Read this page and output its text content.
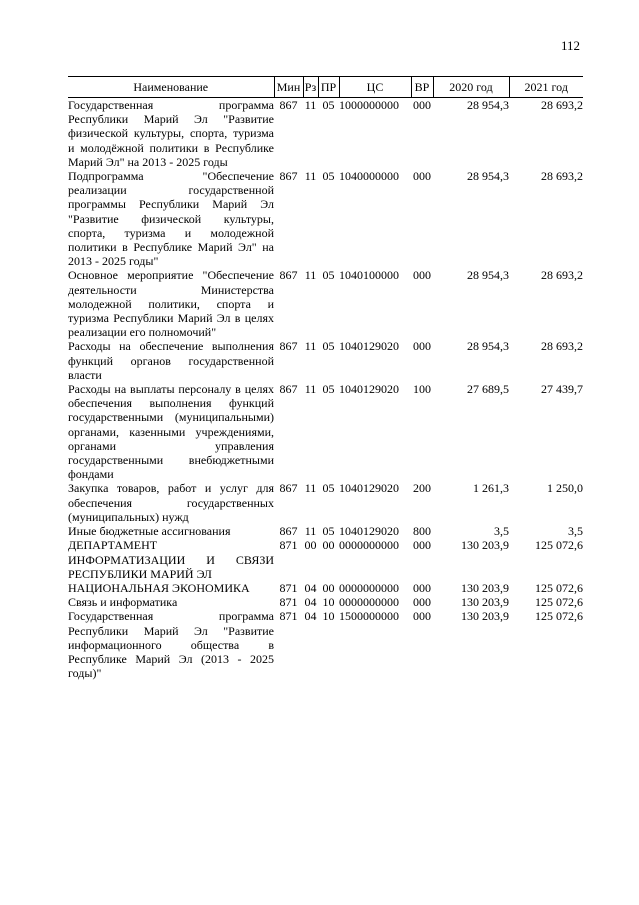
112
Наименование	Мин	Рз	ПР	ЦС	ВР	2020 год	2021 год
Государственная программа Республики Марий Эл "Развитие физической культуры, спорта, туризма и молодёжной политики в Республике Марий Эл" на 2013 - 2025 годы	867	11	05	1000000000	000	28 954,3	28 693,2
Подпрограмма "Обеспечение реализации государственной программы Республики Марий Эл "Развитие физической культуры, спорта, туризма и молодежной политики в Республике Марий Эл" на 2013 - 2025 годы"	867	11	05	1040000000	000	28 954,3	28 693,2
Основное мероприятие "Обеспечение деятельности Министерства молодежной политики, спорта и туризма Республики Марий Эл в целях реализации его полномочий"	867	11	05	1040100000	000	28 954,3	28 693,2
Расходы на обеспечение выполнения функций органов государственной власти	867	11	05	1040129020	000	28 954,3	28 693,2
Расходы на выплаты персоналу в целях обеспечения выполнения функций государственными (муниципальными) органами, казенными учреждениями, органами управления государственными внебюджетными фондами	867	11	05	1040129020	100	27 689,5	27 439,7
Закупка товаров, работ и услуг для обеспечения государственных (муниципальных) нужд	867	11	05	1040129020	200	1 261,3	1 250,0
Иные бюджетные ассигнования	867	11	05	1040129020	800	3,5	3,5
ДЕПАРТАМЕНТ ИНФОРМАТИЗАЦИИ И СВЯЗИ РЕСПУБЛИКИ МАРИЙ ЭЛ	871	00	00	0000000000	000	130 203,9	125 072,6
НАЦИОНАЛЬНАЯ ЭКОНОМИКА	871	04	00	0000000000	000	130 203,9	125 072,6
Связь и информатика	871	04	10	0000000000	000	130 203,9	125 072,6
Государственная программа Республики Марий Эл "Развитие информационного общества в Республике Марий Эл (2013 - 2025 годы)"	871	04	10	1500000000	000	130 203,9	125 072,6
